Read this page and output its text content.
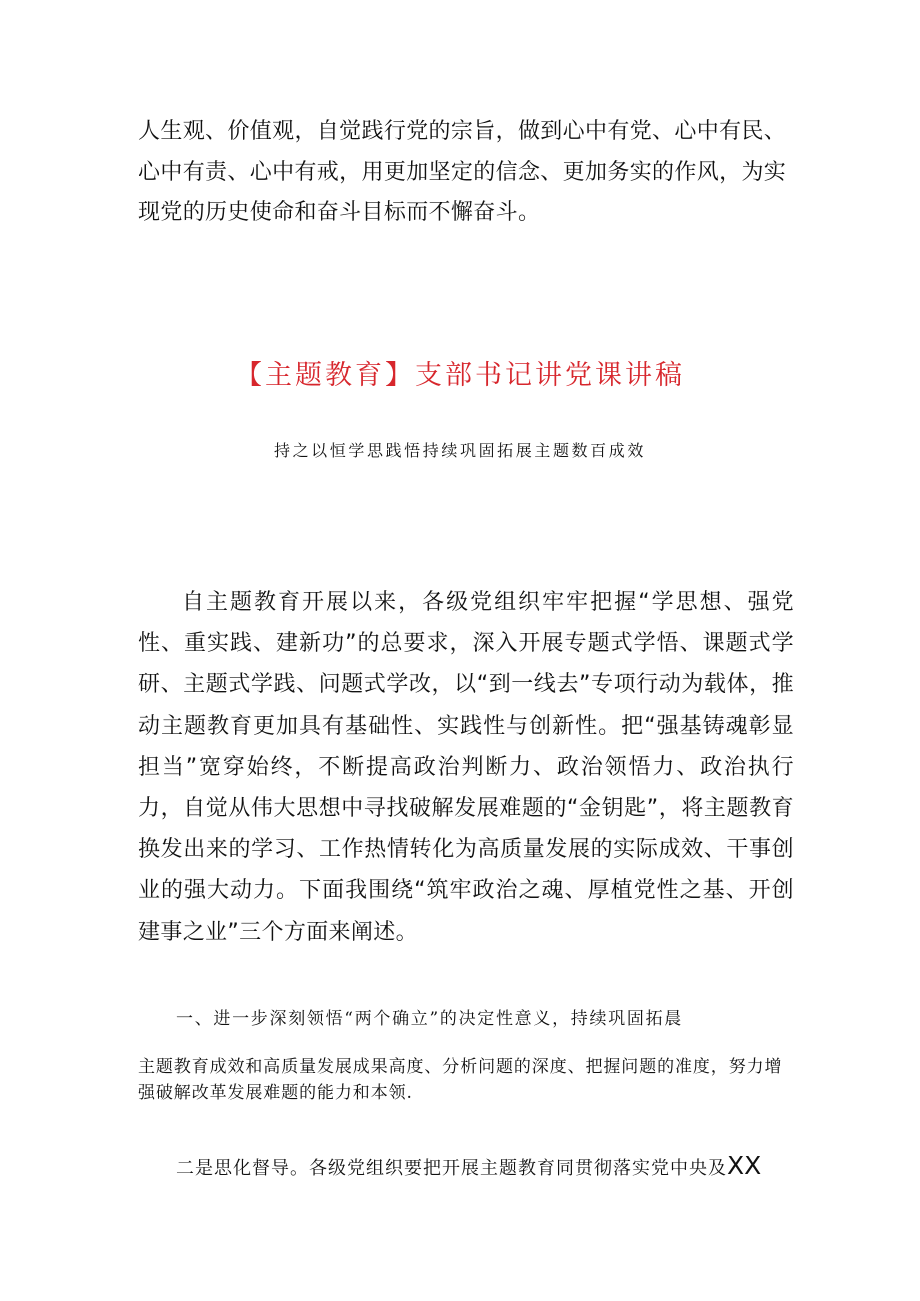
人生观、价值观，自觉践行党的宗旨，做到心中有党、心中有民、心中有责、心中有戒，用更加坚定的信念、更加务实的作风，为实现党的历史使命和奋斗目标而不懈奋斗。
【主题教育】支部书记讲党课讲稿
持之以恒学思践悟持续巩固拓展主题数百成效
自主题教育开展以来，各级党组织牢牢把握“学思想、强党性、重实践、建新功”的总要求，深入开展专题式学悟、课题式学研、主题式学践、问题式学改，以“到一线去”专项行动为载体，推动主题教育更加具有基础性、实践性与创新性。把“强基铸魂彰显担当”宽穿始终，不断提高政治判断力、政治领悟力、政治执行力，自觉从伟大思想中寻找破解发展难题的“金钥匙”，将主题教育换发出来的学习、工作热情转化为高质量发展的实际成效、干事创业的强大动力。下面我围绕“筑牢政治之魂、厚植党性之基、开创建事之业”三个方面来阐述。
一、进一步深刻领悟“两个确立”的决定性意义，持续巩固拓晨
主题教育成效和高质量发展成果高度、分析问题的深度、把握问题的准度，努力增强破解改革发展难题的能力和本领.
二是思化督导。各级党组织要把开展主题教育同贯彻落实党中央及XX
